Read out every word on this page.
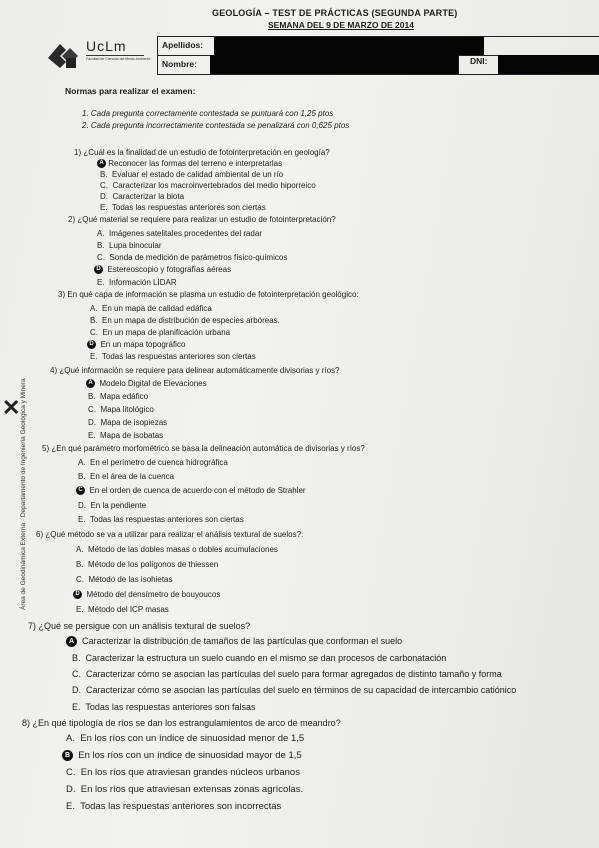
GEOLOGÍA – TEST DE PRÁCTICAS (SEGUNDA PARTE)
SEMANA DEL 9 DE MARZO DE 2014
UcLm
Facultad de Ciencias del Medio Ambiente
Apellidos:
Nombre:	DNI:
Normas para realizar el examen:
1. Cada pregunta correctamente contestada se puntuará con 1,25 ptos
2. Cada pregunta incorrectamente contestada se penalizará con 0,625 ptos
Área de Geodinámica Externa · Departamento de Ingeniería Geológica y Minera
✕
1) ¿Cuál es la finalidad de un estudio de fotointerpretación en geología?
A Reconocer las formas del terreno e interpretarlas
B. Evaluar el estado de calidad ambiental de un río
C. Caracterizar los macroinvertebrados del medio hiporreico
D. Caracterizar la biota
E. Todas las respuestas anteriores son ciertas
2) ¿Qué material se requiere para realizar un estudio de fotointerpretación?
A. Imágenes satelitales procedentes del radar
B. Lupa binocular
C. Sonda de medición de parámetros físico-químicos
D Estereoscopio y fotografías aéreas
E. Información LIDAR
3) En qué capa de información se plasma un estudio de fotointerpretación geológico:
A. En un mapa de calidad edáfica
B. En un mapa de distribución de especies arbóreas.
C. En un mapa de planificación urbana
D En un mapa topográfico
E. Todas las respuestas anteriores son ciertas
4) ¿Qué información se requiere para delinear automáticamente divisorias y ríos?
A Modelo Digital de Elevaciones
B. Mapa edáfico
C. Mapa litológico
D. Mapa de isopiezas
E. Mapa de isobatas
5) ¿En qué parámetro morfométrico se basa la delineación automática de divisorias y ríos?
A. En el perímetro de cuenca hidrográfica
B. En el área de la cuenca
C En el orden de cuenca de acuerdo con el método de Strahler
D. En la pendiente
E. Todas las respuestas anteriores son ciertas
6) ¿Qué método se va a utilizar para realizar el análisis textural de suelos?:
A. Método de las dobles masas o dobles acumulaciones
B. Método de los polígonos de thiessen
C. Método de las isohietas
D Método del densímetro de bouyoucos
E. Método del ICP masas
7) ¿Qué se persigue con un análisis textural de suelos?
A Caracterizar la distribución de tamaños de las partículas que conforman el suelo
B. Caracterizar la estructura un suelo cuando en el mismo se dan procesos de carbonatación
C. Caracterizar cómo se asocian las partículas del suelo para formar agregados de distinto tamaño y forma
D. Caracterizar cómo se asocian las partículas del suelo en términos de su capacidad de intercambio catiónico
E. Todas las respuestas anteriores son falsas
8) ¿En qué tipología de ríos se dan los estrangulamientos de arco de meandro?
A. En los ríos con un índice de sinuosidad menor de 1,5
B En los ríos con un índice de sinuosidad mayor de 1,5
C. En los ríos que atraviesan grandes núcleos urbanos
D. En los ríos que atraviesan extensas zonas agrícolas.
E. Todas las respuestas anteriores son incorrectas
